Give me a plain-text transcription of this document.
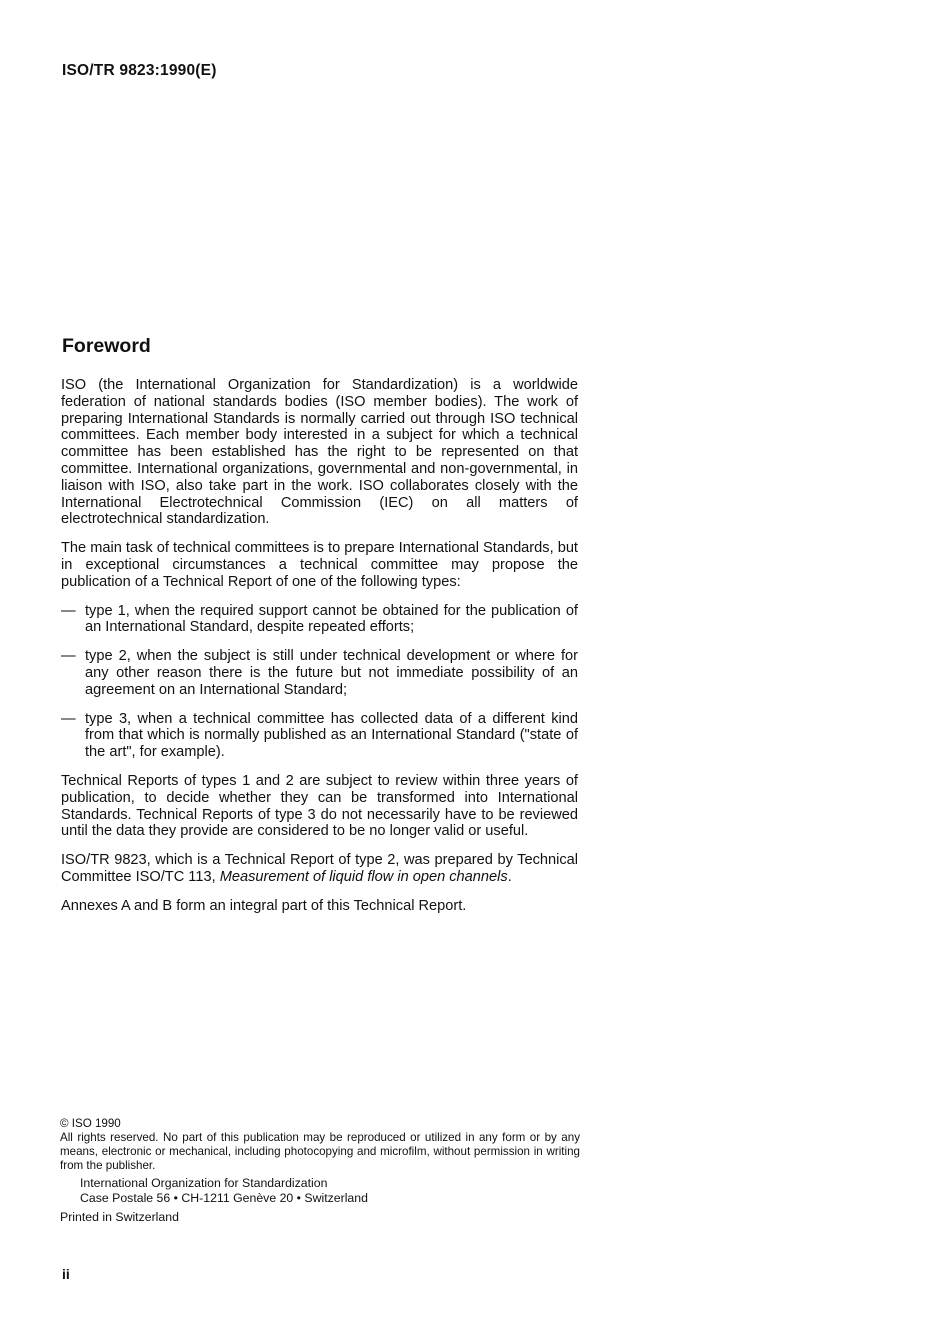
ISO/TR 9823:1990(E)
Foreword

ISO (the International Organization for Standardization) is a worldwide federation of national standards bodies (ISO member bodies). The work of preparing International Standards is normally carried out through ISO technical committees. Each member body interested in a subject for which a technical committee has been established has the right to be represented on that committee. International organizations, governmental and non-governmental, in liaison with ISO, also take part in the work. ISO collaborates closely with the International Electrotechnical Commission (IEC) on all matters of electrotechnical standardization.

The main task of technical committees is to prepare International Standards, but in exceptional circumstances a technical committee may propose the publication of a Technical Report of one of the following types:

— type 1, when the required support cannot be obtained for the publication of an International Standard, despite repeated efforts;
— type 2, when the subject is still under technical development or where for any other reason there is the future but not immediate possibility of an agreement on an International Standard;
— type 3, when a technical committee has collected data of a different kind from that which is normally published as an International Standard ("state of the art", for example).

Technical Reports of types 1 and 2 are subject to review within three years of publication, to decide whether they can be transformed into International Standards. Technical Reports of type 3 do not necessarily have to be reviewed until the data they provide are considered to be no longer valid or useful.

ISO/TR 9823, which is a Technical Report of type 2, was prepared by Technical Committee ISO/TC 113, Measurement of liquid flow in open channels.

Annexes A and B form an integral part of this Technical Report.

© ISO 1990
All rights reserved. No part of this publication may be reproduced or utilized in any form or by any means, electronic or mechanical, including photocopying and microfilm, without permission in writing from the publisher.
International Organization for Standardization
Case Postale 56 • CH-1211 Genève 20 • Switzerland
Printed in Switzerland
ii
